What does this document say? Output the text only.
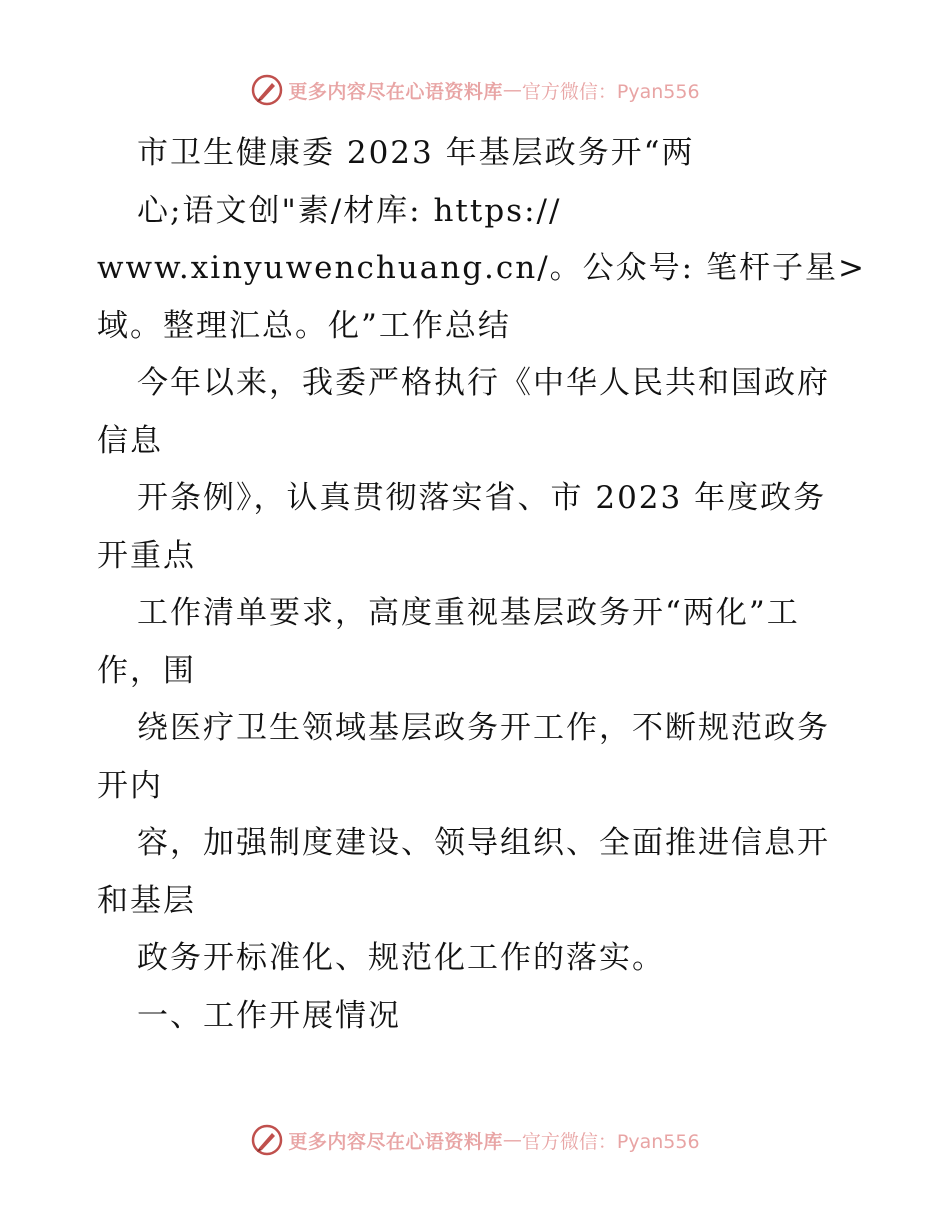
更多内容尽在心语资料库 — 官方微信：Pyan556
市卫生健康委 2023 年基层政务开“两
心;语文创"素/材库: https://
www.xinyuwenchuang.cn/。公众号: 笔杆子星>
域。整理汇总。化”工作总结
今年以来，我委严格执行《中华人民共和国政府
信息
开条例》，认真贯彻落实省、市 2023 年度政务
开重点
工作清单要求，高度重视基层政务开“两化”工
作，围
绕医疗卫生领域基层政务开工作，不断规范政务
开内
容，加强制度建设、领导组织、全面推进信息开
和基层
政务开标准化、规范化工作的落实。
一、工作开展情况
更多内容尽在心语资料库 — 官方微信：Pyan556
